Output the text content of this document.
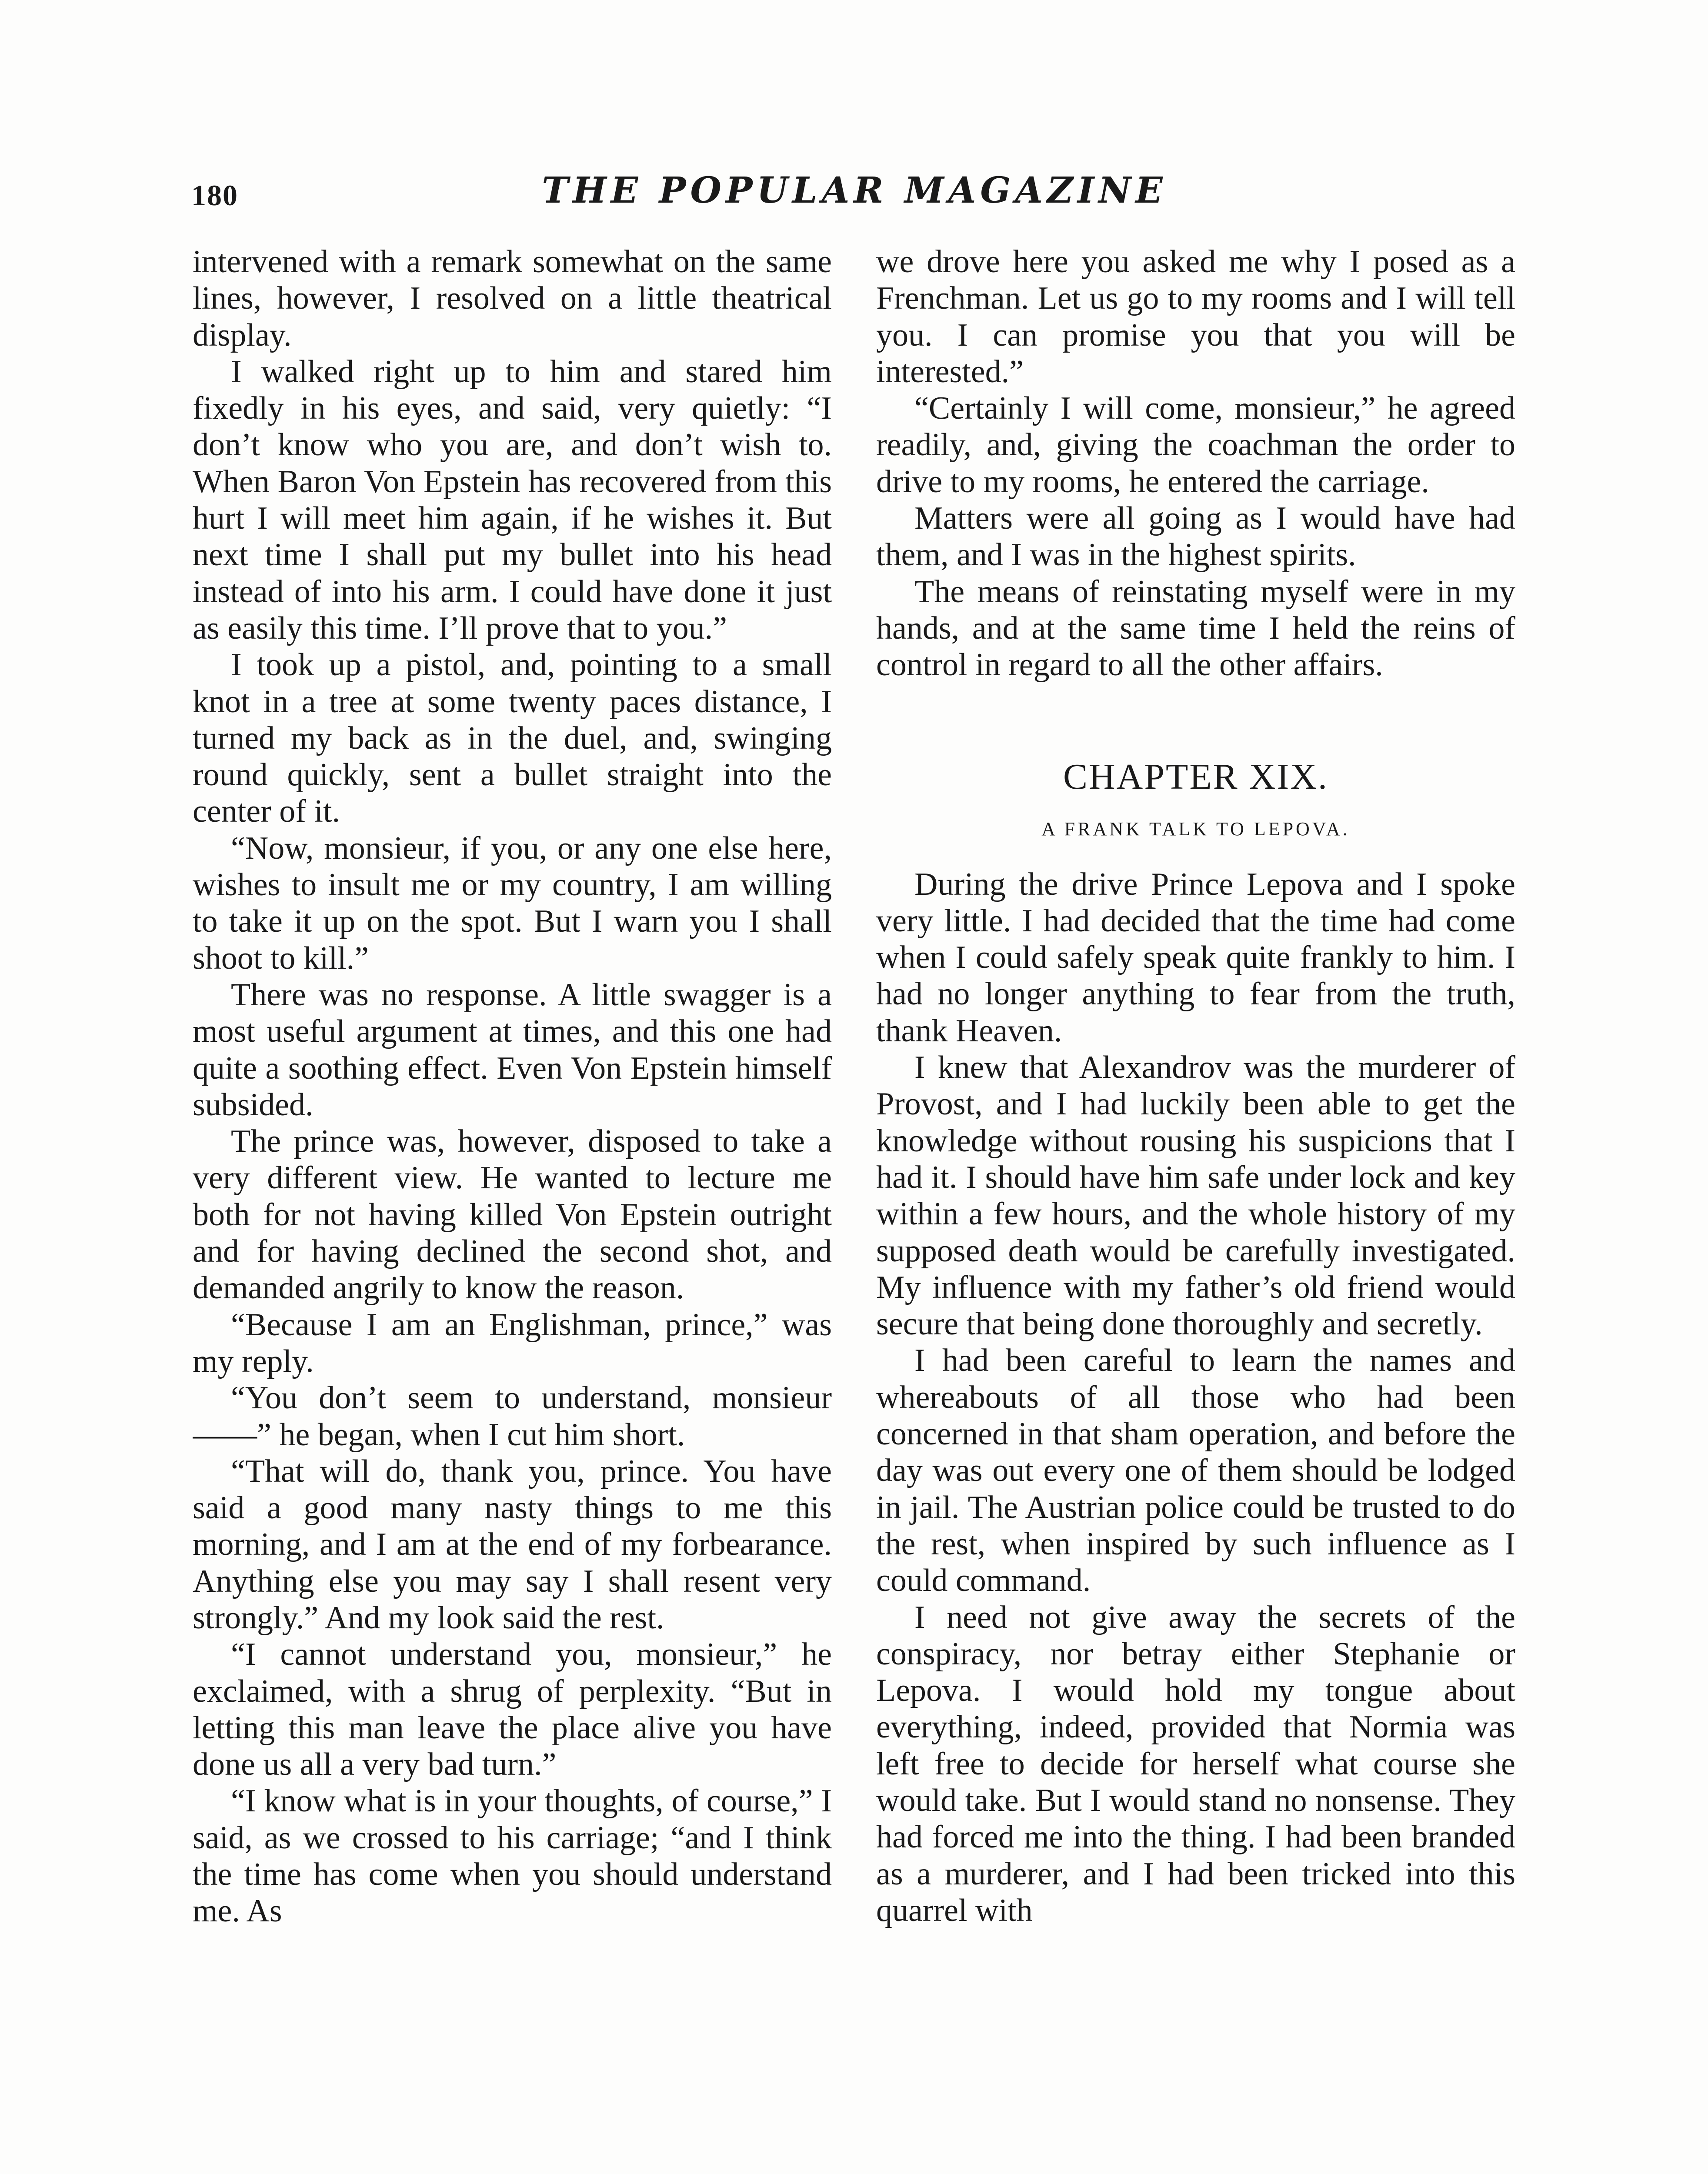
180	THE POPULAR MAGAZINE

intervened with a remark somewhat on the same lines, however, I resolved on a little theatrical display.

I walked right up to him and stared him fixedly in his eyes, and said, very quietly: “I don’t know who you are, and don’t wish to. When Baron Von Epstein has recovered from this hurt I will meet him again, if he wishes it. But next time I shall put my bullet into his head instead of into his arm. I could have done it just as easily this time. I’ll prove that to you.”

I took up a pistol, and, pointing to a small knot in a tree at some twenty paces distance, I turned my back as in the duel, and, swinging round quickly, sent a bullet straight into the center of it.

“Now, monsieur, if you, or any one else here, wishes to insult me or my country, I am willing to take it up on the spot. But I warn you I shall shoot to kill.”

There was no response. A little swagger is a most useful argument at times, and this one had quite a soothing effect. Even Von Epstein himself subsided.

The prince was, however, disposed to take a very different view. He wanted to lecture me both for not having killed Von Epstein outright and for having declined the second shot, and demanded angrily to know the reason.

“Because I am an Englishman, prince,” was my reply.

“You don’t seem to understand, monsieur——” he began, when I cut him short.

“That will do, thank you, prince. You have said a good many nasty things to me this morning, and I am at the end of my forbearance. Anything else you may say I shall resent very strongly.” And my look said the rest.

“I cannot understand you, monsieur,” he exclaimed, with a shrug of perplexity. “But in letting this man leave the place alive you have done us all a very bad turn.”

“I know what is in your thoughts, of course,” I said, as we crossed to his carriage; “and I think the time has come when you should understand me. As

we drove here you asked me why I posed as a Frenchman. Let us go to my rooms and I will tell you. I can promise you that you will be interested.”

“Certainly I will come, monsieur,” he agreed readily, and, giving the coachman the order to drive to my rooms, he entered the carriage.

Matters were all going as I would have had them, and I was in the highest spirits.

The means of reinstating myself were in my hands, and at the same time I held the reins of control in regard to all the other affairs.

CHAPTER XIX.

A FRANK TALK TO LEPOVA.

During the drive Prince Lepova and I spoke very little. I had decided that the time had come when I could safely speak quite frankly to him. I had no longer anything to fear from the truth, thank Heaven.

I knew that Alexandrov was the murderer of Provost, and I had luckily been able to get the knowledge without rousing his suspicions that I had it. I should have him safe under lock and key within a few hours, and the whole history of my supposed death would be carefully investigated. My influence with my father’s old friend would secure that being done thoroughly and secretly.

I had been careful to learn the names and whereabouts of all those who had been concerned in that sham operation, and before the day was out every one of them should be lodged in jail. The Austrian police could be trusted to do the rest, when inspired by such influence as I could command.

I need not give away the secrets of the conspiracy, nor betray either Stephanie or Lepova. I would hold my tongue about everything, indeed, provided that Normia was left free to decide for herself what course she would take. But I would stand no nonsense. They had forced me into the thing. I had been branded as a murderer, and I had been tricked into this quarrel with
